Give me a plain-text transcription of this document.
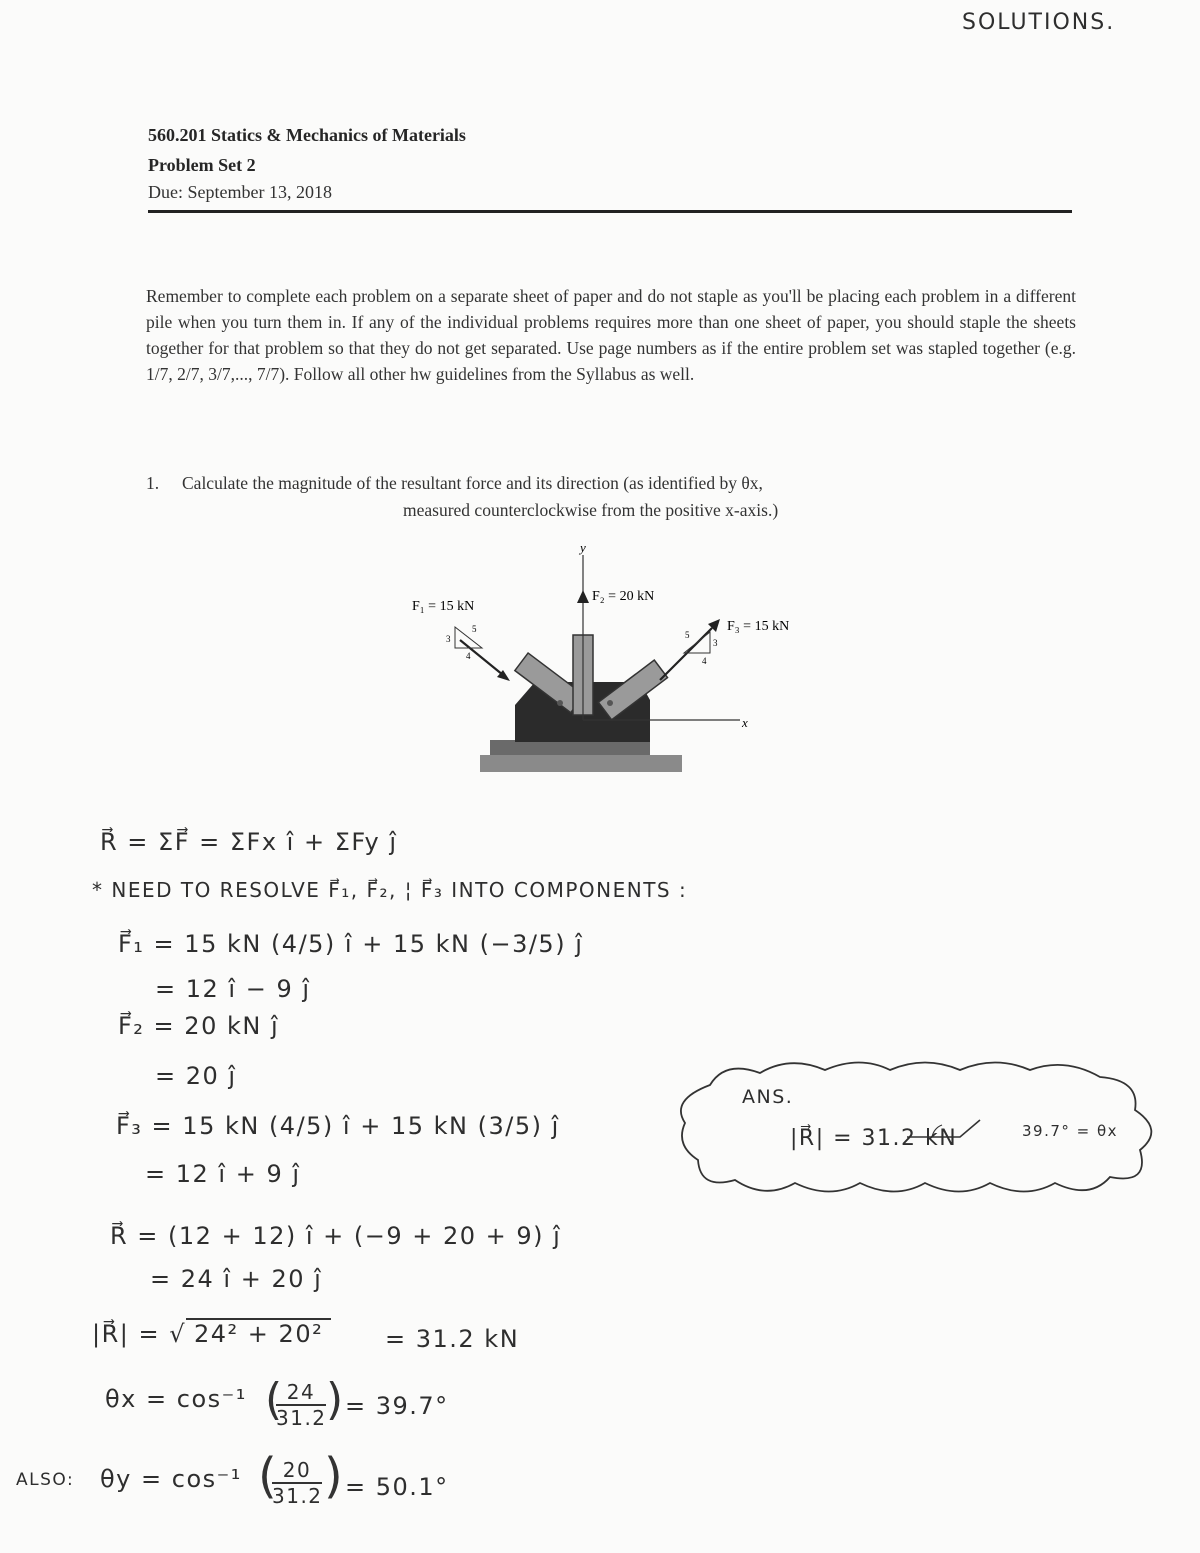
SOLUTIONS.
560.201 Statics & Mechanics of Materials
Problem Set 2
Due: September 13, 2018
Remember to complete each problem on a separate sheet of paper and do not staple as you'll be placing each problem in a different pile when you turn them in. If any of the individual problems requires more than one sheet of paper, you should staple the sheets together for that problem so that they do not get separated. Use page numbers as if the entire problem set was stapled together (e.g. 1/7, 2/7, 3/7,..., 7/7). Follow all other hw guidelines from the Syllabus as well.
1. Calculate the magnitude of the resultant force and its direction (as identified by θx,
measured counterclockwise from the positive x-axis.)
y
x
F₁ = 15 kN
3
5
4
F₂ = 20 kN
F₃ = 15 kN
5
3
4
R⃗ = ΣF⃗ = ΣFx î + ΣFy ĵ
* NEED TO RESOLVE F⃗₁, F⃗₂, ¦ F⃗₃ INTO COMPONENTS :
F⃗₁ = 15 kN (4/5) î + 15 kN (−3/5) ĵ
= 12 î − 9 ĵ
F⃗₂ = 20 kN ĵ
= 20 ĵ
F⃗₃ = 15 kN (4/5) î + 15 kN (3/5) ĵ
= 12 î + 9 ĵ
R⃗ = (12 + 12) î + (−9 + 20 + 9) ĵ
= 24 î + 20 ĵ
|R⃗| = √ 24² + 20²	= 31.2 kN
θx = cos⁻¹ (
$\frac{24}{31.2}$ ) = 39.7°
ALSO: θy = cos⁻¹ (
$\frac{20}{31.2}$ ) = 50.1°
ANS.
|R⃗| = 31.2 kN	39.7° = θx
